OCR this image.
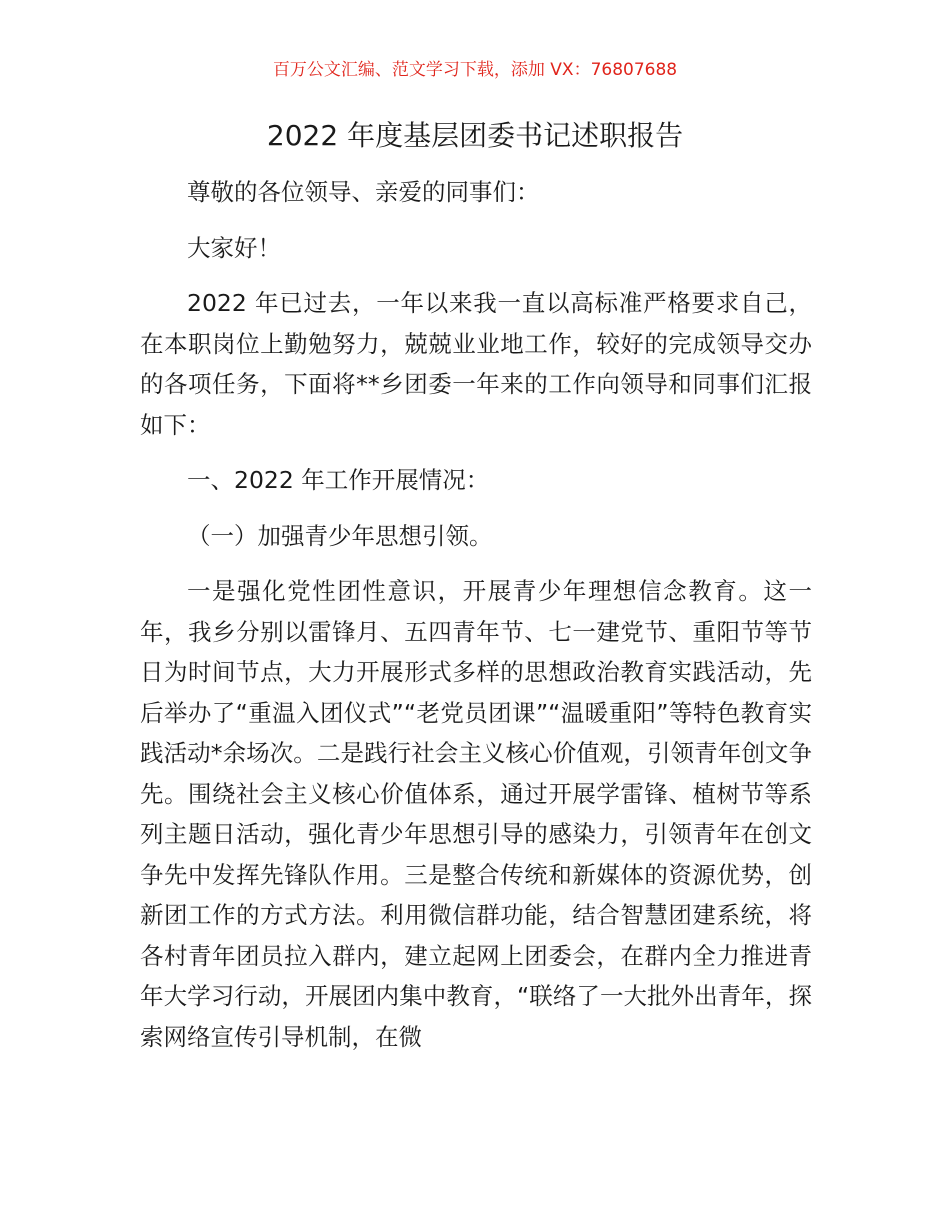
百万公文汇编、范文学习下载，添加 VX：76807688
2022 年度基层团委书记述职报告

尊敬的各位领导、亲爱的同事们：

大家好！

2022 年已过去，一年以来我一直以高标准严格要求自己，在本职岗位上勤勉努力，兢兢业业地工作，较好的完成领导交办的各项任务，下面将**乡团委一年来的工作向领导和同事们汇报如下：

一、2022 年工作开展情况：

（一）加强青少年思想引领。

一是强化党性团性意识，开展青少年理想信念教育。这一年，我乡分别以雷锋月、五四青年节、七一建党节、重阳节等节日为时间节点，大力开展形式多样的思想政治教育实践活动，先后举办了“重温入团仪式”“老党员团课”“温暖重阳”等特色教育实践活动*余场次。二是践行社会主义核心价值观，引领青年创文争先。围绕社会主义核心价值体系，通过开展学雷锋、植树节等系列主题日活动，强化青少年思想引导的感染力，引领青年在创文争先中发挥先锋队作用。三是整合传统和新媒体的资源优势，创新团工作的方式方法。利用微信群功能，结合智慧团建系统，将各村青年团员拉入群内，建立起网上团委会，在群内全力推进青年大学习行动，开展团内集中教育，“联络了一大批外出青年，探索网络宣传引导机制，在微
